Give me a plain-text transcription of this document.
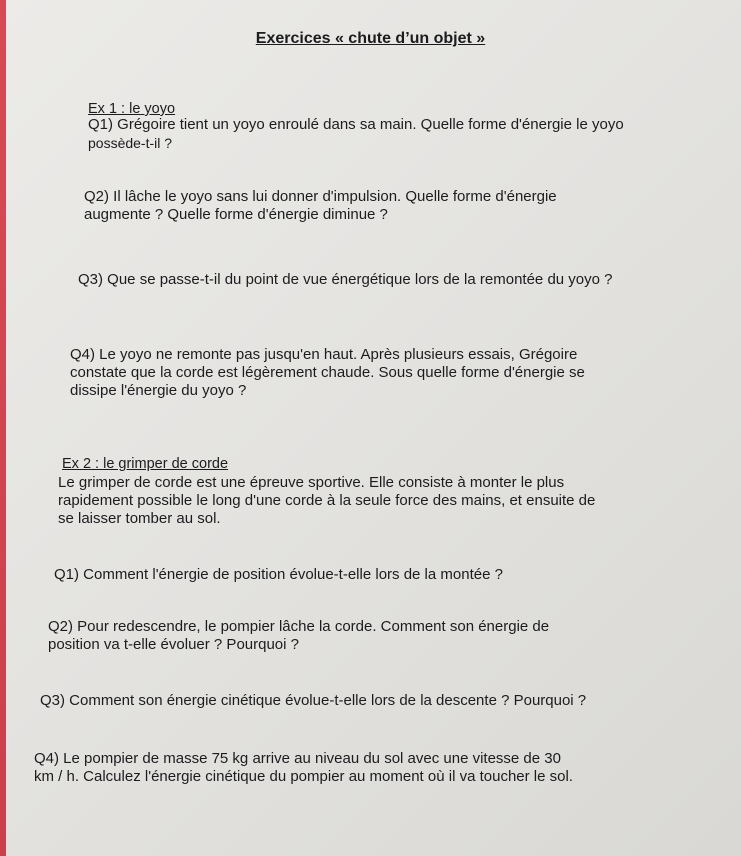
Exercices « chute d’un objet »
Ex 1 : le yoyo
Q1) Grégoire tient un yoyo enroulé dans sa main. Quelle forme d'énergie le yoyo
possède-t-il ?
Q2) Il lâche le yoyo sans lui donner d'impulsion. Quelle forme d'énergie
augmente ? Quelle forme d'énergie diminue ?
Q3) Que se passe-t-il du point de vue énergétique lors de la remontée du yoyo ?
Q4) Le yoyo ne remonte pas jusqu'en haut. Après plusieurs essais, Grégoire
constate que la corde est légèrement chaude. Sous quelle forme d'énergie se
dissipe l'énergie du yoyo ?
Ex 2 : le grimper de corde
Le grimper de corde est une épreuve sportive. Elle consiste à monter le plus
rapidement possible le long d'une corde à la seule force des mains, et ensuite de
se laisser tomber au sol.
Q1) Comment l'énergie de position évolue-t-elle lors de la montée ?
Q2) Pour redescendre, le pompier lâche la corde. Comment son énergie de
position va t-elle évoluer ? Pourquoi ?
Q3) Comment son énergie cinétique évolue-t-elle lors de la descente ? Pourquoi ?
Q4) Le pompier de masse 75 kg arrive au niveau du sol avec une vitesse de 30
km / h. Calculez l'énergie cinétique du pompier au moment où il va toucher le sol.
